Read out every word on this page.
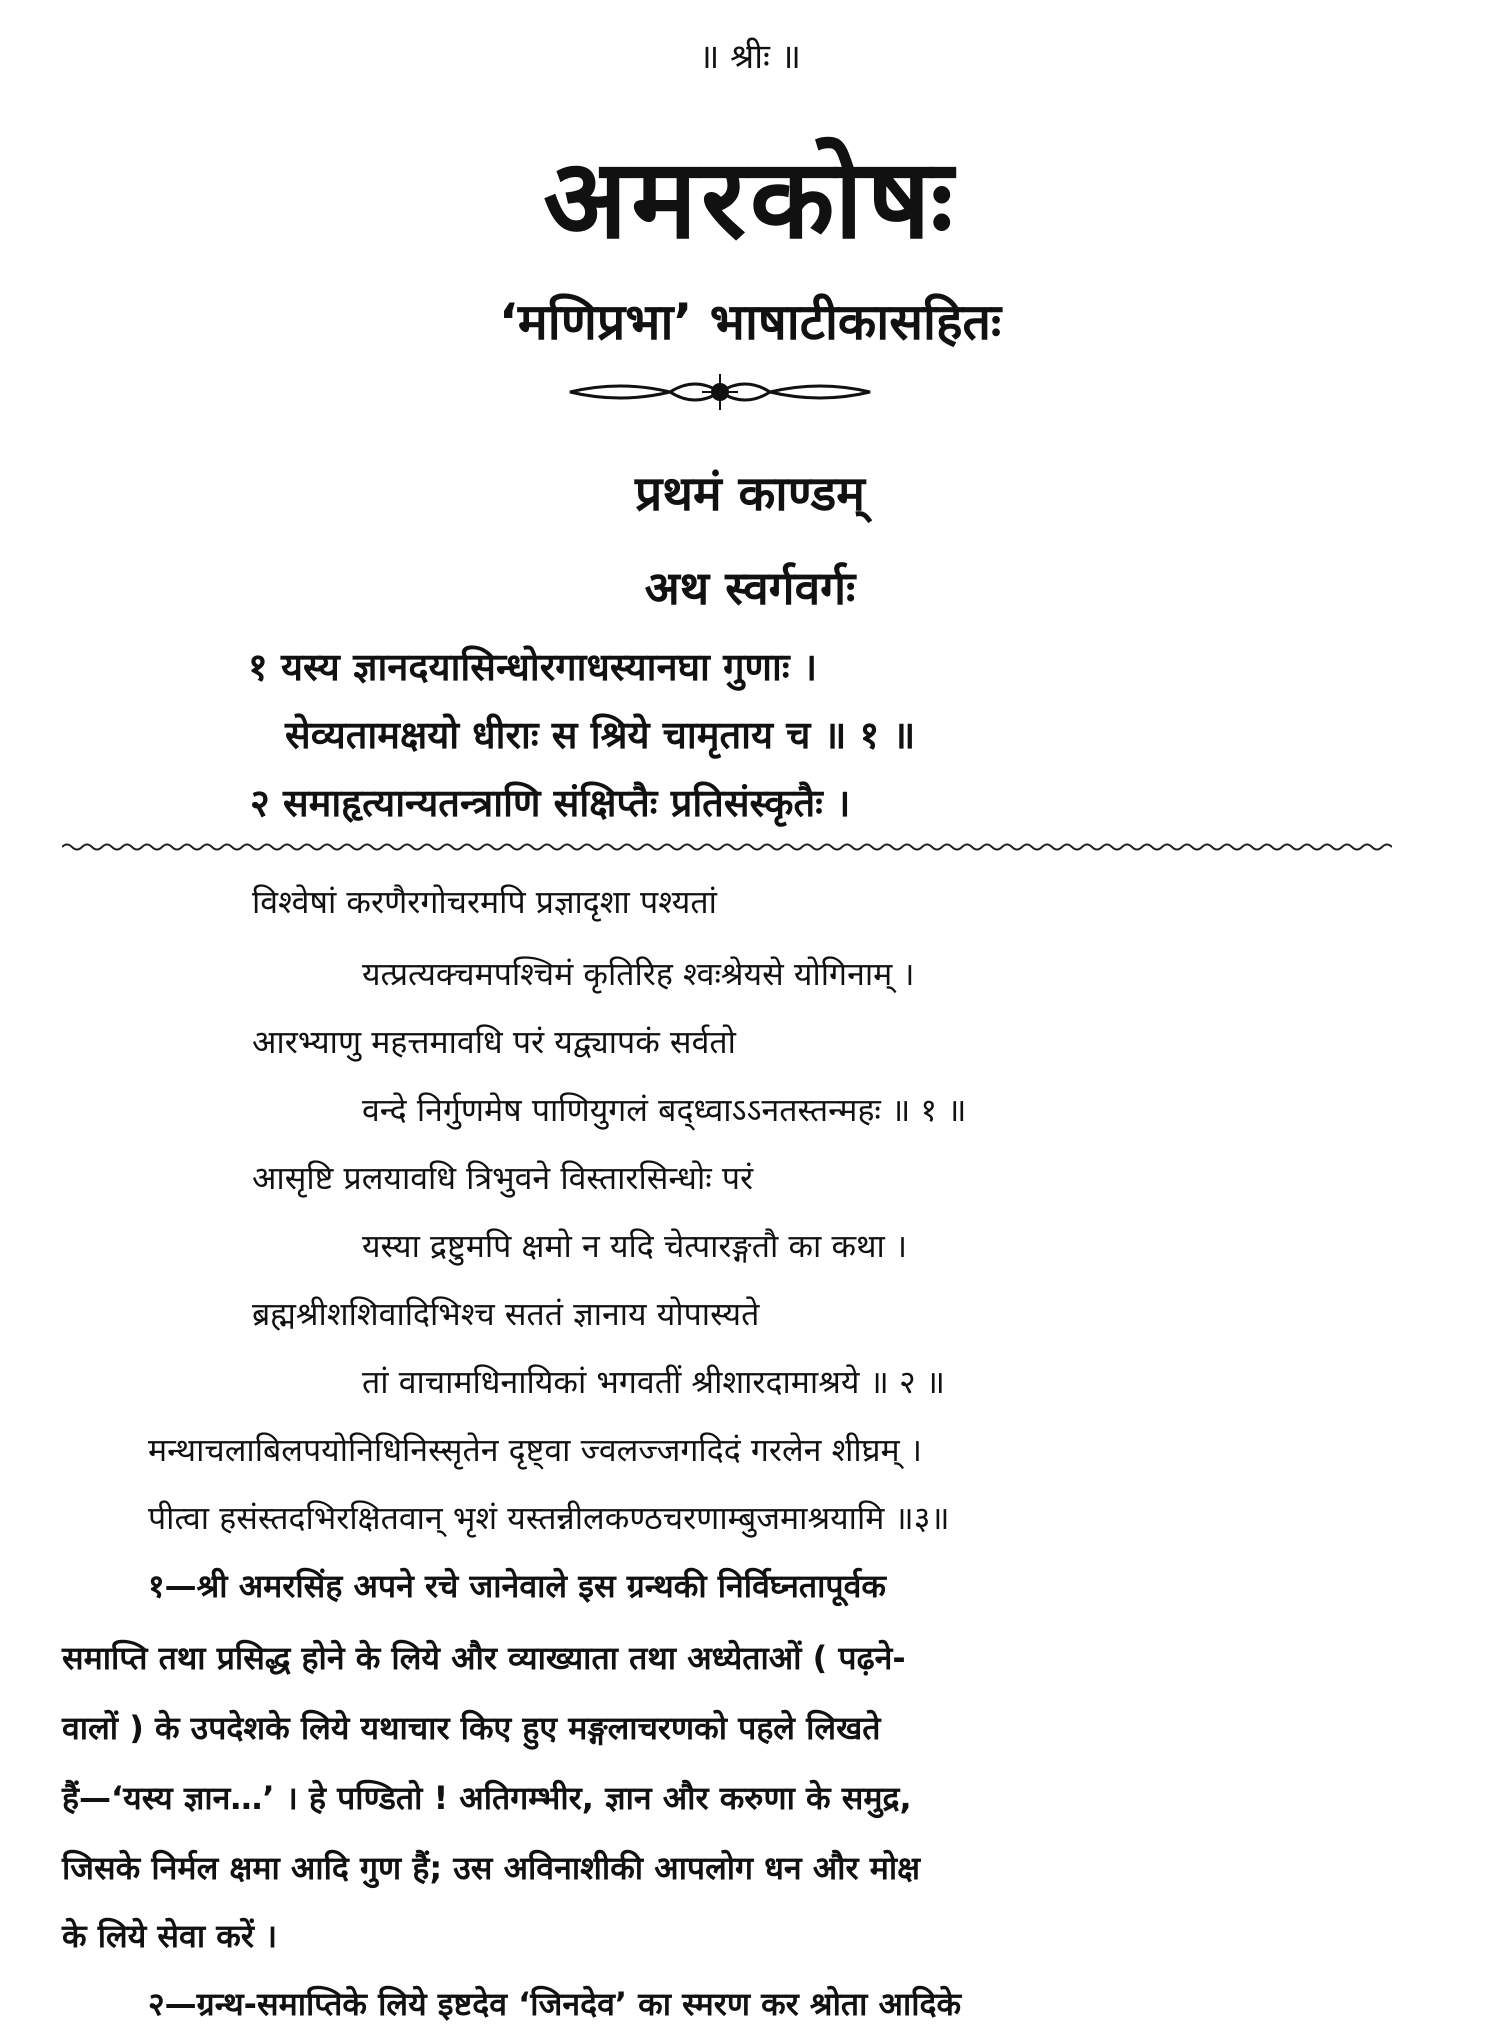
॥ श्रीः ॥
अमरकोषः
‘मणिप्रभा’ भाषाटीकासहितः
प्रथमं काण्डम्
अथ स्वर्गवर्गः
१ यस्य ज्ञानदयासिन्धोरगाधस्यानघा गुणाः ।
सेव्यतामक्षयो धीराः स श्रिये चामृताय च ॥ १ ॥
२ समाहृत्यान्यतन्त्राणि संक्षिप्तैः प्रतिसंस्कृतैः ।
विश्वेषां करणैरगोचरमपि प्रज्ञादृशा पश्यतां
यत्प्रत्यक्चमपश्चिमं कृतिरिह श्वःश्रेयसे योगिनाम् ।
आरभ्याणु महत्तमावधि परं यद्व्यापकं सर्वतो
वन्दे निर्गुणमेष पाणियुगलं बद्ध्वाऽऽनतस्तन्महः ॥ १ ॥
आसृष्टि प्रलयावधि त्रिभुवने विस्तारसिन्धोः परं
यस्या द्रष्टुमपि क्षमो न यदि चेत्पारङ्गतौ का कथा ।
ब्रह्मश्रीशशिवादिभिश्च सततं ज्ञानाय योपास्यते
तां वाचामधिनायिकां भगवतीं श्रीशारदामाश्रये ॥ २ ॥
मन्थाचलाबिलपयोनिधिनिस्सृतेन दृष्ट्वा ज्वलज्जगदिदं गरलेन शीघ्रम् ।
पीत्वा हसंस्तदभिरक्षितवान् भृशं यस्तन्नीलकण्ठचरणाम्बुजमाश्रयामि ॥३॥
१—श्री अमरसिंह अपने रचे जानेवाले इस ग्रन्थकी निर्विघ्नतापूर्वक
समाप्ति तथा प्रसिद्ध होने के लिये और व्याख्याता तथा अध्येताओं ( पढ़ने-
वालों ) के उपदेशके लिये यथाचार किए हुए मङ्गलाचरणको पहले लिखते
हैं—‘यस्य ज्ञान…’ । हे पण्डितो ! अतिगम्भीर, ज्ञान और करुणा के समुद्र,
जिसके निर्मल क्षमा आदि गुण हैं; उस अविनाशीकी आपलोग धन और मोक्ष
के लिये सेवा करें ।
२—ग्रन्थ-समाप्तिके लिये इष्टदेव ‘जिनदेव’ का स्मरण कर श्रोता आदिके
